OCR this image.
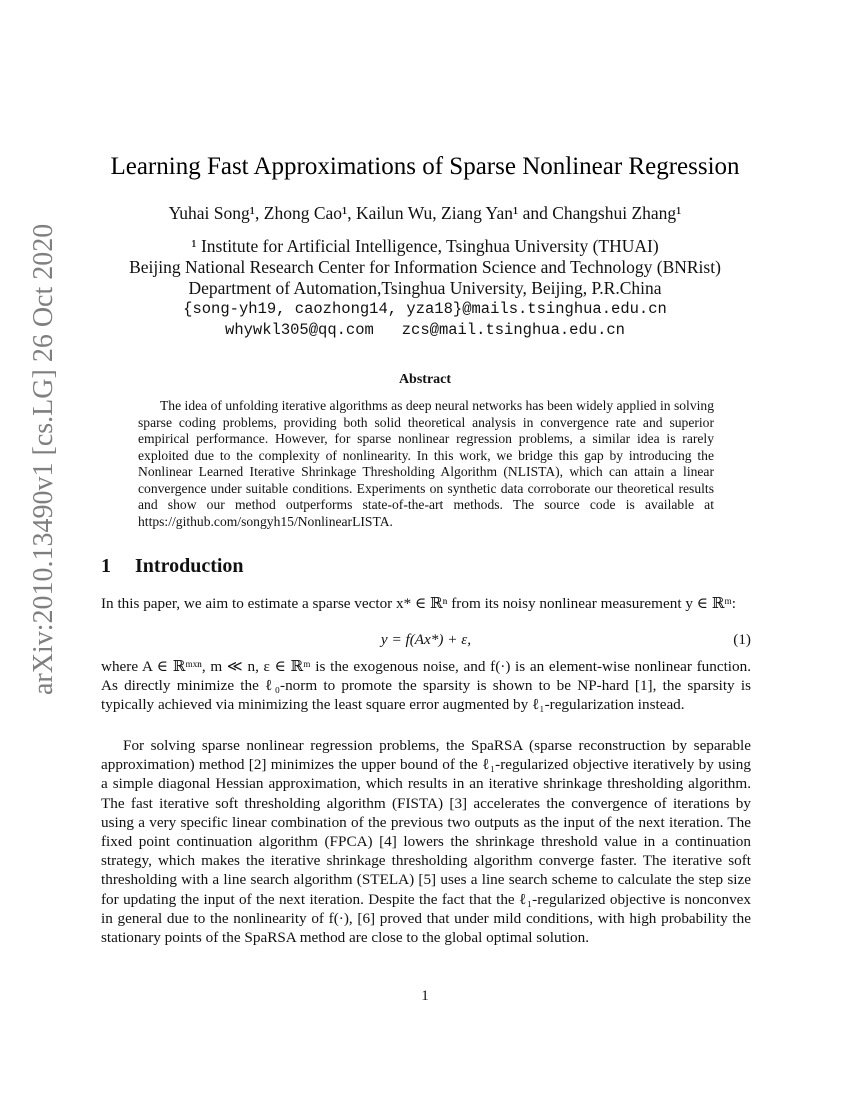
arXiv:2010.13490v1 [cs.LG] 26 Oct 2020
Learning Fast Approximations of Sparse Nonlinear Regression
Yuhai Song¹, Zhong Cao¹, Kailun Wu, Ziang Yan¹ and Changshui Zhang¹
¹ Institute for Artificial Intelligence, Tsinghua University (THUAI)
Beijing National Research Center for Information Science and Technology (BNRist)
Department of Automation,Tsinghua University, Beijing, P.R.China
{song-yh19, caozhong14, yza18}@mails.tsinghua.edu.cn
whywkl305@qq.com   zcs@mail.tsinghua.edu.cn
Abstract
The idea of unfolding iterative algorithms as deep neural networks has been widely applied in solving sparse coding problems, providing both solid theoretical analysis in convergence rate and superior empirical performance. However, for sparse nonlinear regression problems, a similar idea is rarely exploited due to the complexity of nonlinearity. In this work, we bridge this gap by introducing the Nonlinear Learned Iterative Shrinkage Thresholding Algorithm (NLISTA), which can attain a linear convergence under suitable conditions. Experiments on synthetic data corroborate our theoretical results and show our method outperforms state-of-the-art methods. The source code is available at https://github.com/songyh15/NonlinearLISTA.
1 Introduction
In this paper, we aim to estimate a sparse vector x* ∈ ℝⁿ from its noisy nonlinear measurement y ∈ ℝᵐ:
y = f(Ax*) + ε,	(1)
where A ∈ ℝᵐˣⁿ, m ≪ n, ε ∈ ℝᵐ is the exogenous noise, and f(·) is an element-wise nonlinear function. As directly minimize the ℓ₀-norm to promote the sparsity is shown to be NP-hard [1], the sparsity is typically achieved via minimizing the least square error augmented by ℓ₁-regularization instead.
For solving sparse nonlinear regression problems, the SpaRSA (sparse reconstruction by separable approximation) method [2] minimizes the upper bound of the ℓ₁-regularized objective iteratively by using a simple diagonal Hessian approximation, which results in an iterative shrinkage thresholding algorithm. The fast iterative soft thresholding algorithm (FISTA) [3] accelerates the convergence of iterations by using a very specific linear combination of the previous two outputs as the input of the next iteration. The fixed point continuation algorithm (FPCA) [4] lowers the shrinkage threshold value in a continuation strategy, which makes the iterative shrinkage thresholding algorithm converge faster. The iterative soft thresholding with a line search algorithm (STELA) [5] uses a line search scheme to calculate the step size for updating the input of the next iteration. Despite the fact that the ℓ₁-regularized objective is nonconvex in general due to the nonlinearity of f(·), [6] proved that under mild conditions, with high probability the stationary points of the SpaRSA method are close to the global optimal solution.
1
